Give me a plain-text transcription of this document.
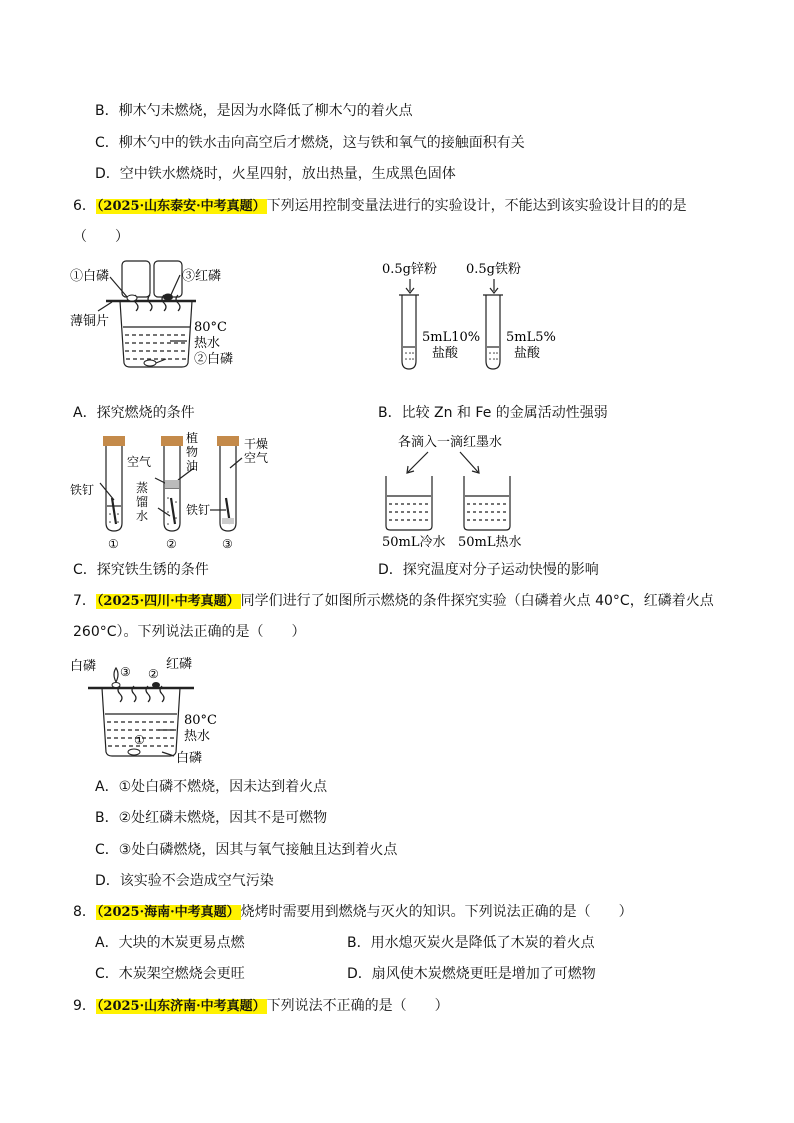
B．柳木勺未燃烧，是因为水降低了柳木勺的着火点
C．柳木勺中的铁水击向高空后才燃烧，这与铁和氧气的接触面积有关
D．空中铁水燃烧时，火星四射，放出热量，生成黑色固体
6．（2025·山东泰安·中考真题）下列运用控制变量法进行的实验设计，不能达到该实验设计目的的是
（　　）
①白磷	③红磷
薄铜片	80°C
热水
②白磷
0.5g锌粉 0.5g铁粉
5mL10%
盐酸
5mL5%
盐酸
A．探究燃烧的条件	B．比较 Zn 和 Fe 的金属活动性强弱
空气
植
物
油
干燥
空气
铁钉
铁钉
蒸
馏
水
①	②	③
各滴入一滴红墨水
50mL冷水 50mL热水
C．探究铁生锈的条件	D．探究温度对分子运动快慢的影响
7．（2025·四川·中考真题）同学们进行了如图所示燃烧的条件探究实验（白磷着火点 40°C，红磷着火点
260°C）。下列说法正确的是（　　）
白磷	红磷
③ ②
①
80°C
热水
白磷
A．①处白磷不燃烧，因未达到着火点
B．②处红磷未燃烧，因其不是可燃物
C．③处白磷燃烧，因其与氧气接触且达到着火点
D．该实验不会造成空气污染
8．（2025·海南·中考真题）烧烤时需要用到燃烧与灭火的知识。下列说法正确的是（　　）
A．大块的木炭更易点燃	B．用水熄灭炭火是降低了木炭的着火点
C．木炭架空燃烧会更旺	D．扇风使木炭燃烧更旺是增加了可燃物
9．（2025·山东济南·中考真题）下列说法不正确的是（　　）
